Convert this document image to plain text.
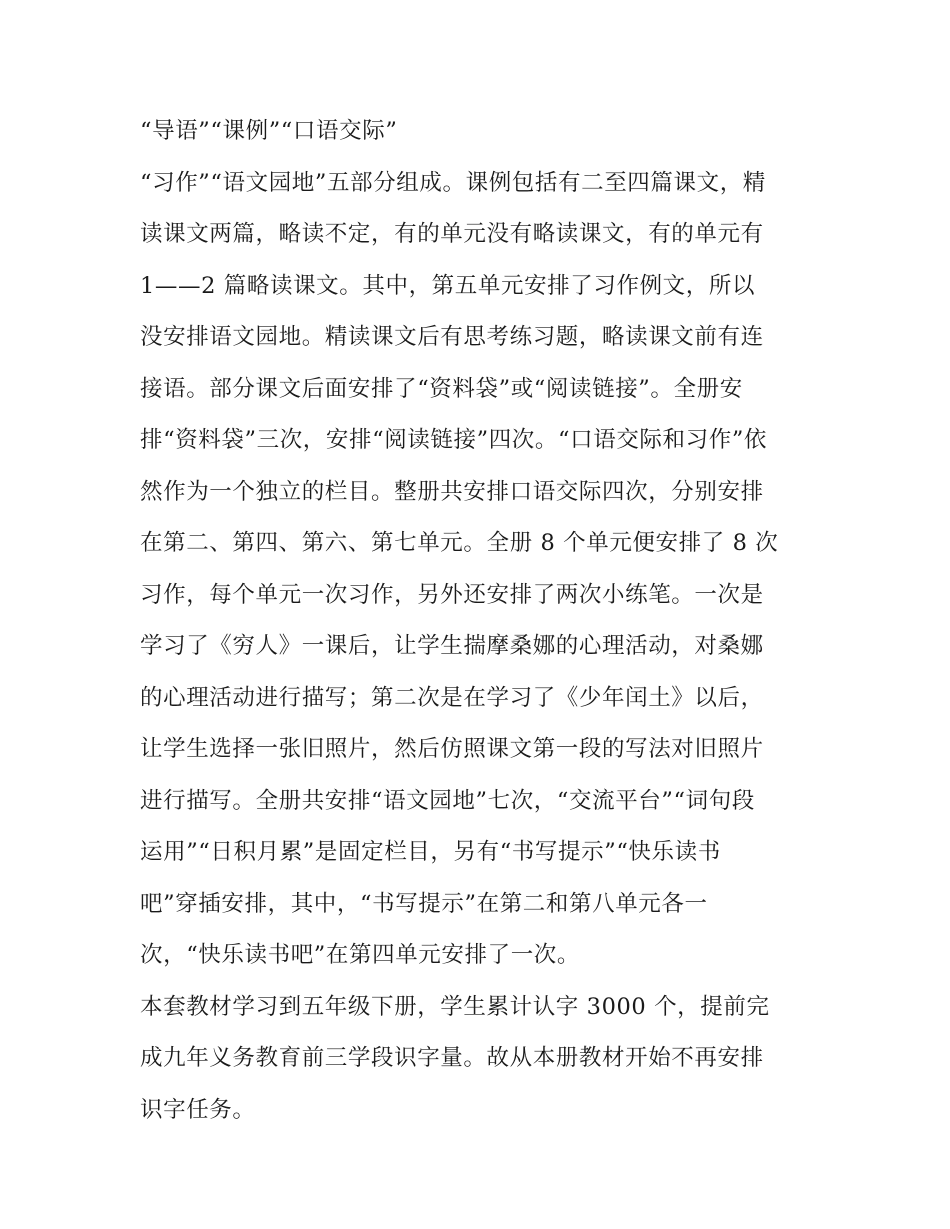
“导语”“课例”“口语交际”
“习作”“语文园地”五部分组成。课例包括有二至四篇课文，精
读课文两篇，略读不定，有的单元没有略读课文，有的单元有
1——2 篇略读课文。其中，第五单元安排了习作例文，所以
没安排语文园地。精读课文后有思考练习题，略读课文前有连
接语。部分课文后面安排了“资料袋”或“阅读链接”。全册安
排“资料袋”三次，安排“阅读链接”四次。“口语交际和习作”依
然作为一个独立的栏目。整册共安排口语交际四次，分别安排
在第二、第四、第六、第七单元。全册 8 个单元便安排了 8 次
习作，每个单元一次习作，另外还安排了两次小练笔。一次是
学习了《穷人》一课后，让学生揣摩桑娜的心理活动，对桑娜
的心理活动进行描写；第二次是在学习了《少年闰土》以后，
让学生选择一张旧照片，然后仿照课文第一段的写法对旧照片
进行描写。全册共安排“语文园地”七次，“交流平台”“词句段
运用”“日积月累”是固定栏目，另有“书写提示”“快乐读书
吧”穿插安排，其中，“书写提示”在第二和第八单元各一
次，“快乐读书吧”在第四单元安排了一次。
本套教材学习到五年级下册，学生累计认字 3000 个，提前完
成九年义务教育前三学段识字量。故从本册教材开始不再安排
识字任务。
